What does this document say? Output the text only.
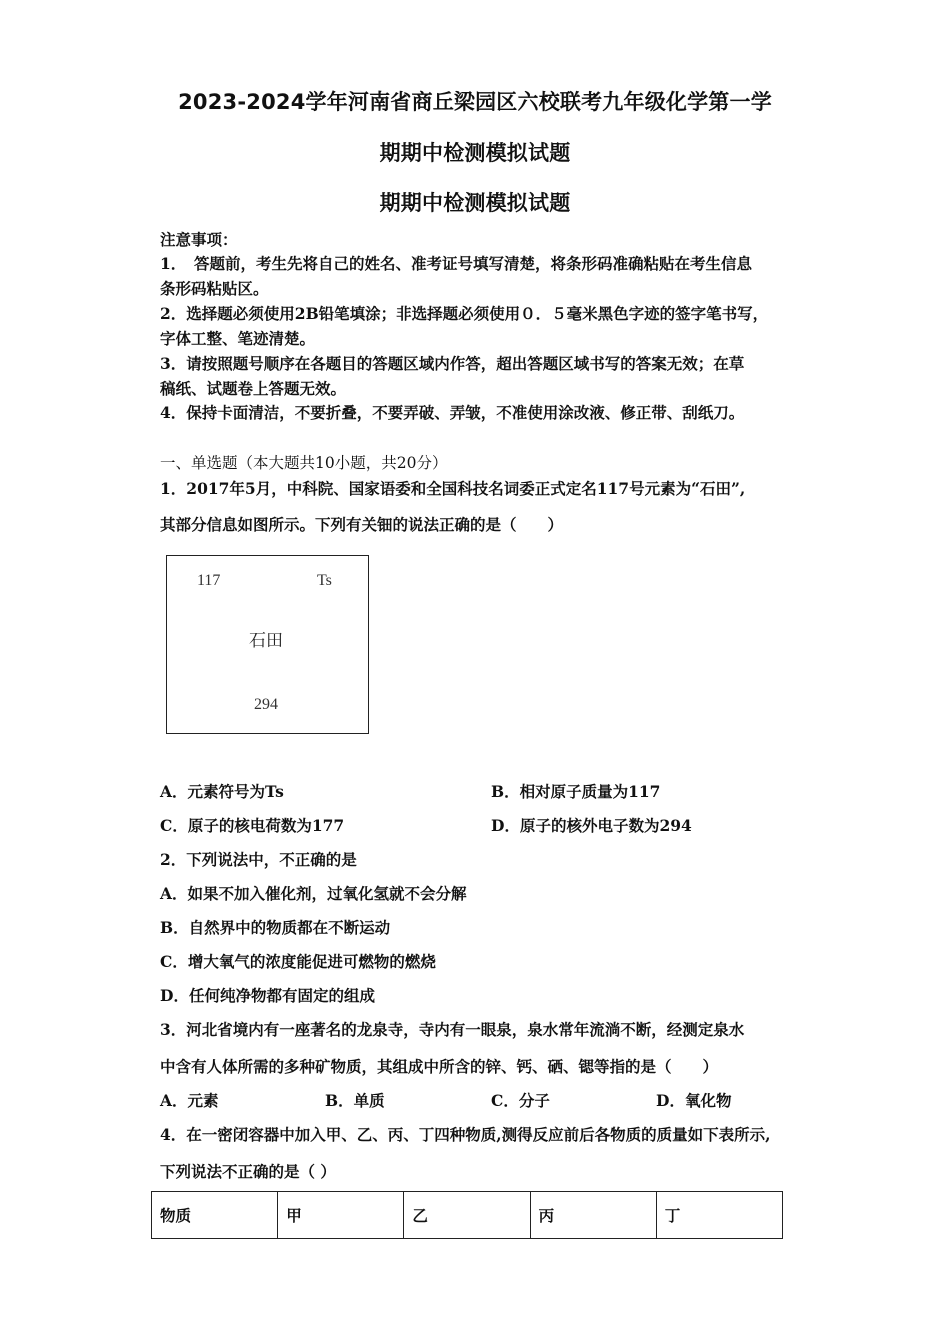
2023-2024学年河南省商丘梁园区六校联考九年级化学第一学
期期中检测模拟试题
期期中检测模拟试题
注意事项：
1．　答题前，考生先将自己的姓名、准考证号填写清楚，将条形码准确粘贴在考生信息
条形码粘贴区。
2．选择题必须使用2B铅笔填涂；非选择题必须使用０．５毫米黑色字迹的签字笔书写，
字体工整、笔迹清楚。
3．请按照题号顺序在各题目的答题区域内作答，超出答题区域书写的答案无效；在草
稿纸、试题卷上答题无效。
4．保持卡面清洁，不要折叠，不要弄破、弄皱，不准使用涂改液、修正带、刮纸刀。
一、单选题（本大题共10小题，共20分）
1．2017年5月，中科院、国家语委和全国科技名词委正式定名117号元素为“石田”,
其部分信息如图所示。下列有关钿的说法正确的是（　　）
117	Ts
石田
294
A．元素符号为Ts	B．相对原子质量为117
C．原子的核电荷数为177	D．原子的核外电子数为294
2．下列说法中，不正确的是
A．如果不加入催化剂，过氧化氢就不会分解
B．自然界中的物质都在不断运动
C．增大氧气的浓度能促进可燃物的燃烧
D．任何纯净物都有固定的组成
3．河北省境内有一座著名的龙泉寺，寺内有一眼泉，泉水常年流淌不断，经测定泉水
中含有人体所需的多种矿物质，其组成中所含的锌、钙、硒、锶等指的是（　　）
A．元素	B．单质	C．分子	D．氧化物
4．在一密闭容器中加入甲、乙、丙、丁四种物质,测得反应前后各物质的质量如下表所示,
下列说法不正确的是（ ）
物质	甲	乙	丙	丁
